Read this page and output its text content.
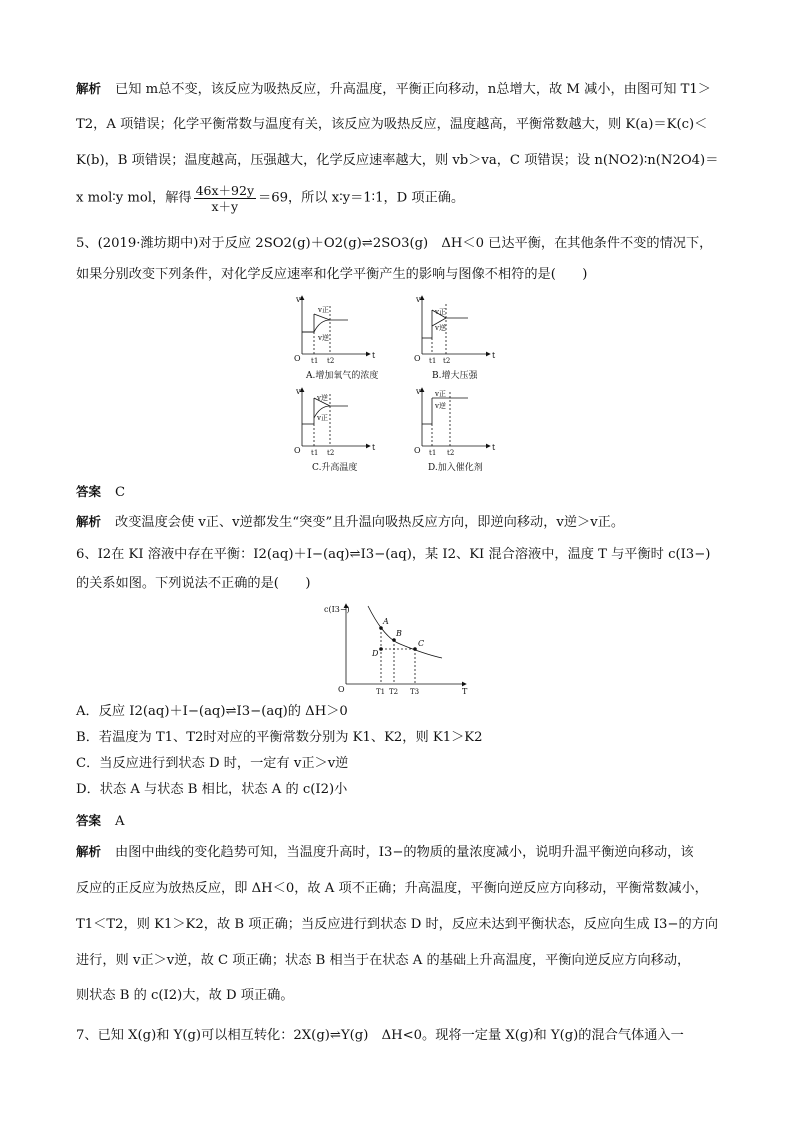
解析 已知 m总不变，该反应为吸热反应，升高温度，平衡正向移动，n总增大，故 M 减小，由图可知 T1＞
T2，A 项错误；化学平衡常数与温度有关，该反应为吸热反应，温度越高，平衡常数越大，则 K(a)＝K(c)＜
K(b)，B 项错误；温度越高，压强越大，化学反应速率越大，则 vb＞va，C 项错误；设 n(NO2)∶n(N2O4)＝
x mol∶y mol，解得 $\frac{46x+92y}{x+y} =69$，所以 x∶y＝1∶1，D 项正确。
5、(2019·潍坊期中)对于反应 2SO2(g)＋O2(g)⇌2SO3(g)　ΔH＜0 已达平衡，在其他条件不变的情况下，
如果分别改变下列条件，对化学反应速率和化学平衡产生的影响与图像不相符的是(　　)
v
t
O t1 t2
v正
v逆
A.增加氧气的浓度
v
t
O t1 t2
v正
v逆
B.增大压强
v
t
O t1 t2
v逆
v正
C.升高温度
v
t
O t1 t2
v正
v逆
D.加入催化剂
答案 C
解析 改变温度会使 v正、v逆都发生“突变”且升温向吸热反应方向，即逆向移动，v逆＞v正。
6、I2在 KI 溶液中存在平衡：I2(aq)＋I−(aq)⇌I3−(aq)，某 I2、KI 混合溶液中，温度 T 与平衡时 c(I3−)
的关系如图。下列说法不正确的是(　　)
c(I3−)
T
O
A
B
C
D
T1 T2 T3
A．反应 I2(aq)＋I−(aq)⇌I3−(aq)的 ΔH＞0
B．若温度为 T1、T2时对应的平衡常数分别为 K1、K2，则 K1＞K2
C．当反应进行到状态 D 时，一定有 v正＞v逆
D．状态 A 与状态 B 相比，状态 A 的 c(I2)小
答案 A
解析 由图中曲线的变化趋势可知，当温度升高时，I3−的物质的量浓度减小，说明升温平衡逆向移动，该
反应的正反应为放热反应，即 ΔH＜0，故 A 项不正确；升高温度，平衡向逆反应方向移动，平衡常数减小，
T1＜T2，则 K1＞K2，故 B 项正确；当反应进行到状态 D 时，反应未达到平衡状态，反应向生成 I3−的方向
进行，则 v正＞v逆，故 C 项正确；状态 B 相当于在状态 A 的基础上升高温度，平衡向逆反应方向移动，
则状态 B 的 c(I2)大，故 D 项正确。
7、已知 X(g)和 Y(g)可以相互转化：2X(g)⇌Y(g)　ΔH<0。现将一定量 X(g)和 Y(g)的混合气体通入一
